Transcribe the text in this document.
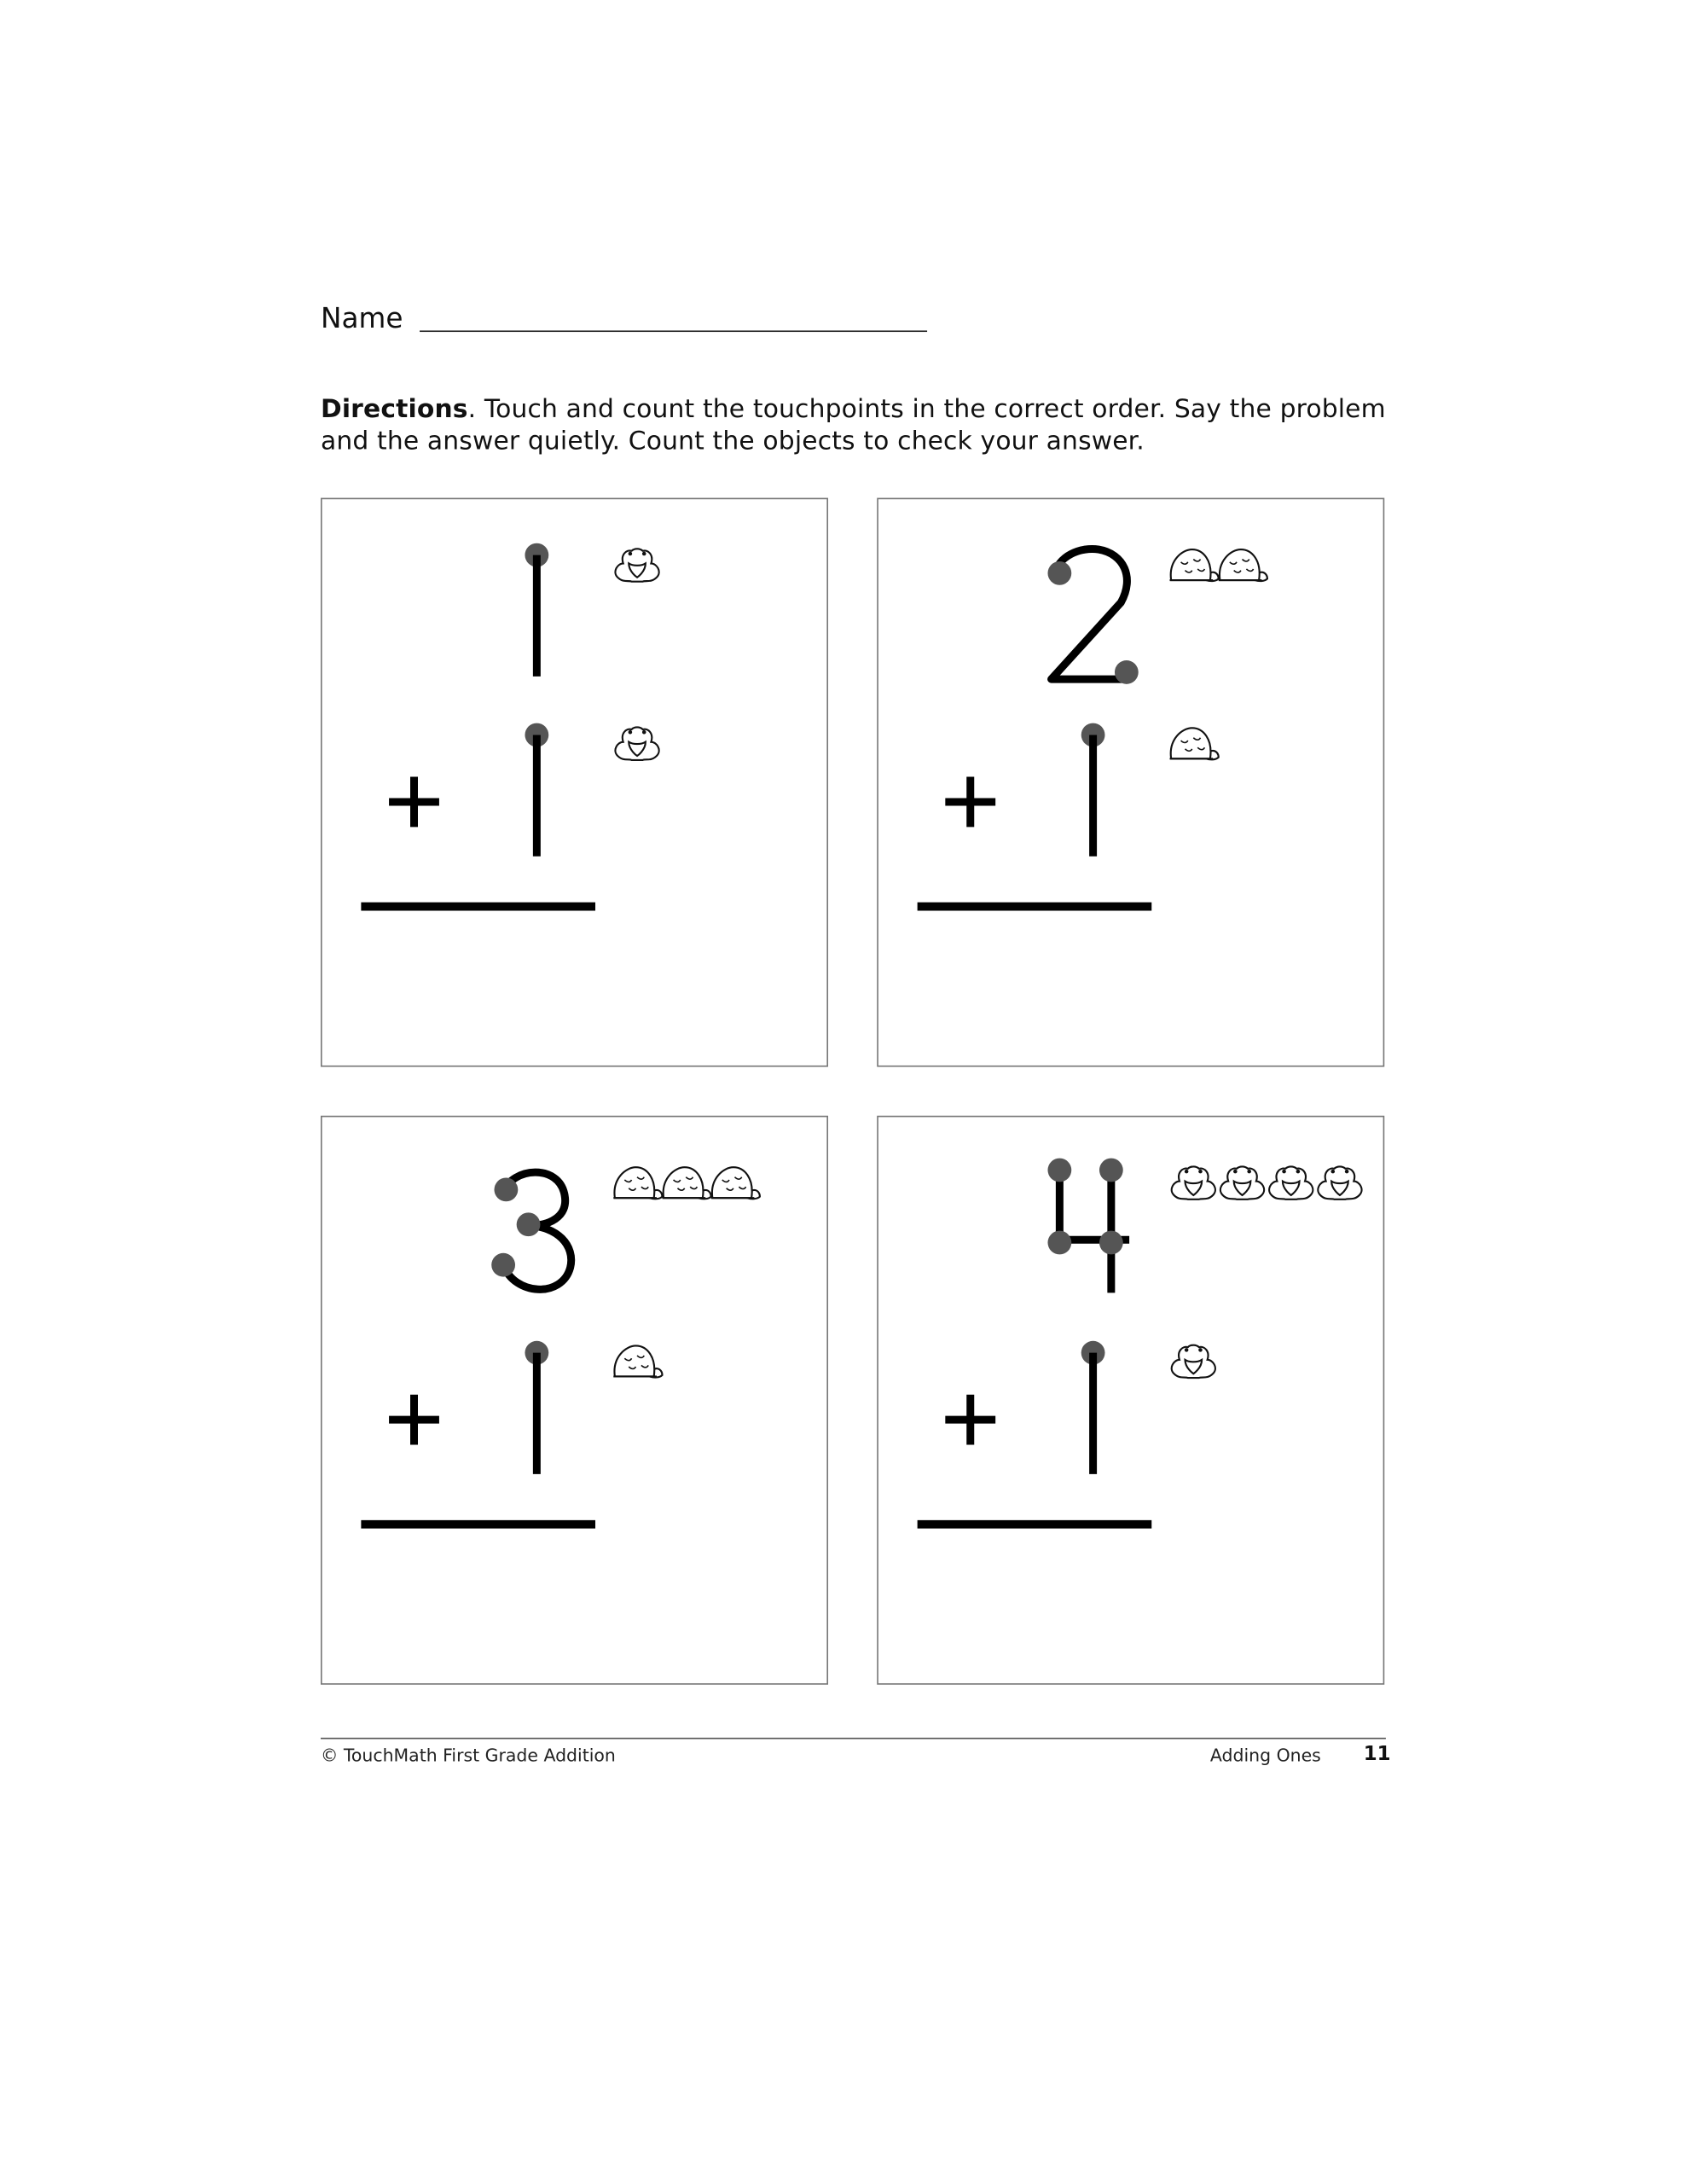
Name
Directions. Touch and count the touchpoints in the correct order. Say the problem and the answer quietly. Count the objects to check your answer.
© TouchMath First Grade Addition	Adding Ones	11
